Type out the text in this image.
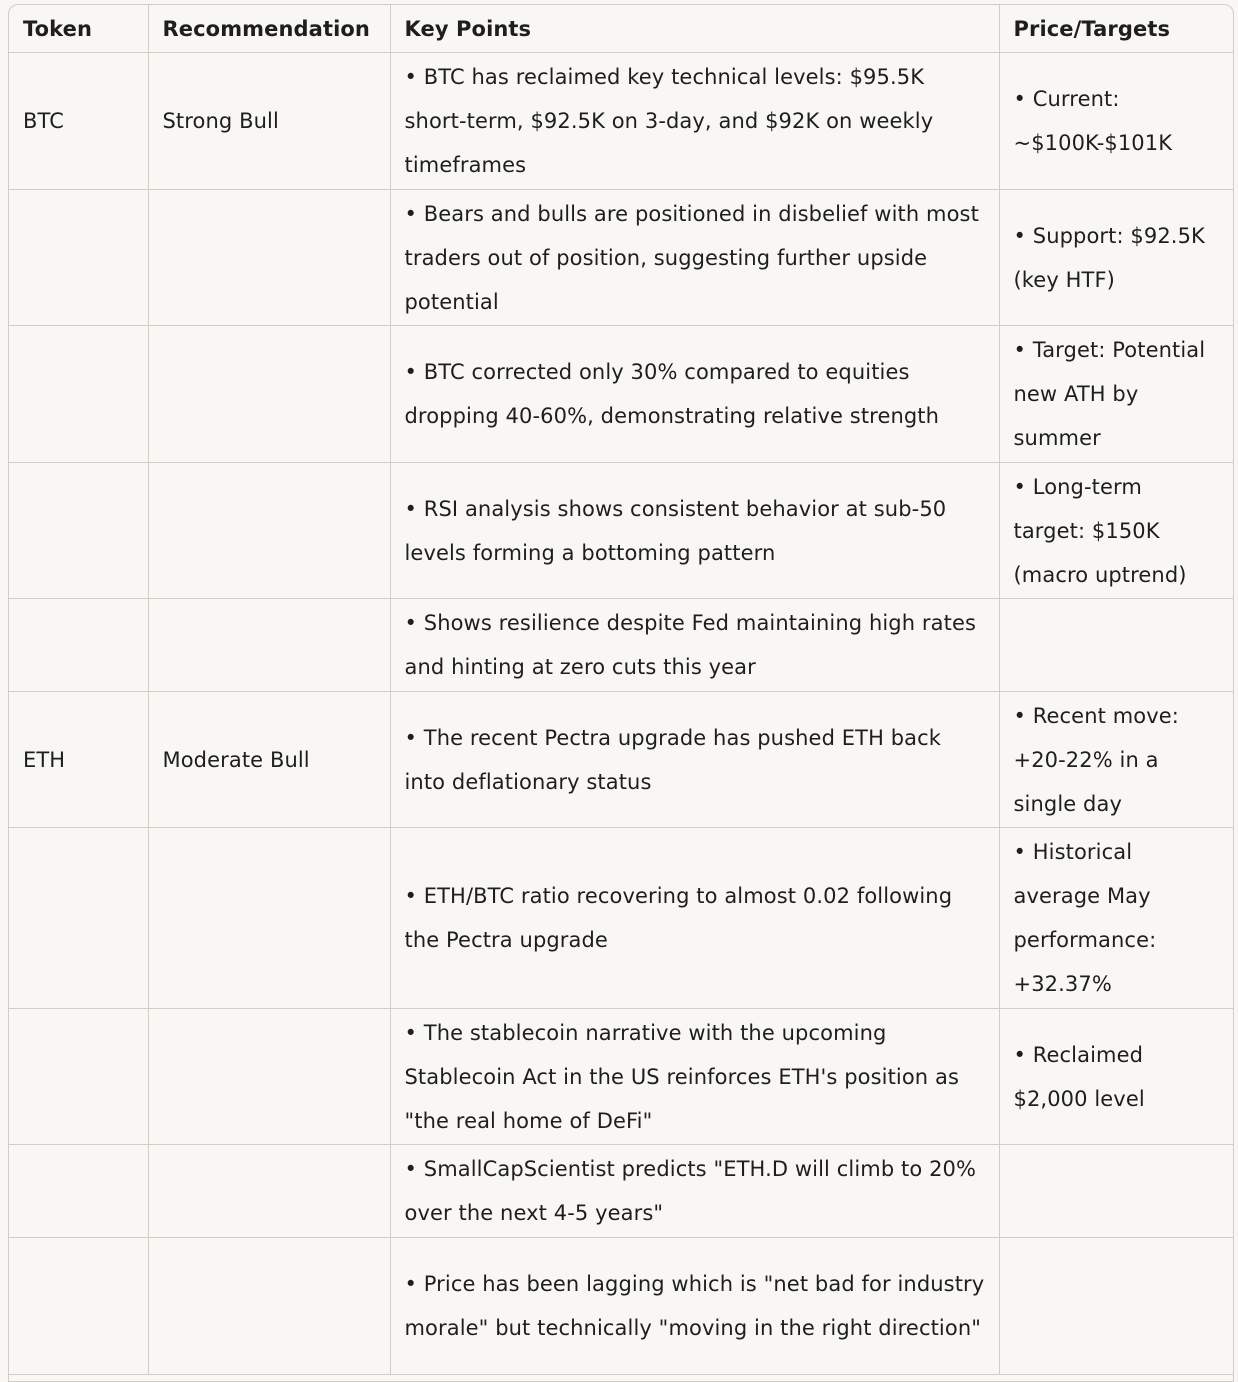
Token	Recommendation	Key Points	Price/Targets
BTC	Strong Bull	• BTC has reclaimed key technical levels: $95.5K short-term, $92.5K on 3-day, and $92K on weekly timeframes	• Current: ~$100K-$101K
		• Bears and bulls are positioned in disbelief with most traders out of position, suggesting further upside potential	• Support: $92.5K (key HTF)
		• BTC corrected only 30% compared to equities dropping 40-60%, demonstrating relative strength	• Target: Potential new ATH by summer
		• RSI analysis shows consistent behavior at sub-50 levels forming a bottoming pattern	• Long-term target: $150K (macro uptrend)
		• Shows resilience despite Fed maintaining high rates and hinting at zero cuts this year	
ETH	Moderate Bull	• The recent Pectra upgrade has pushed ETH back into deflationary status	• Recent move: +20-22% in a single day
		• ETH/BTC ratio recovering to almost 0.02 following the Pectra upgrade	• Historical average May performance: +32.37%
		• The stablecoin narrative with the upcoming Stablecoin Act in the US reinforces ETH's position as "the real home of DeFi"	• Reclaimed $2,000 level
		• SmallCapScientist predicts "ETH.D will climb to 20% over the next 4-5 years"	
		• Price has been lagging which is "net bad for industry morale" but technically "moving in the right direction"	
